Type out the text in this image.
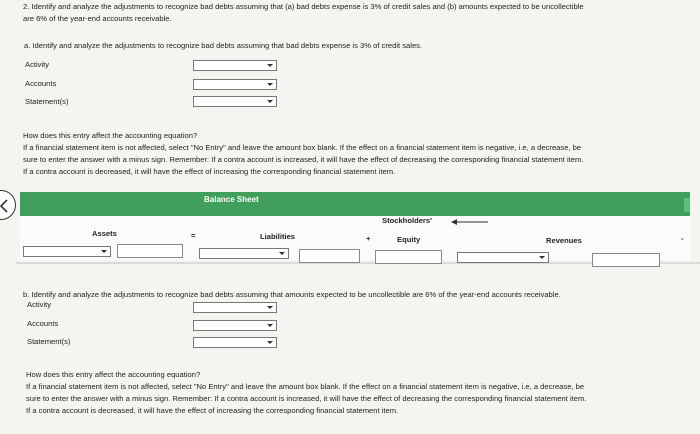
2. Identify and analyze the adjustments to recognize bad debts assuming that (a) bad debts expense is 3% of credit sales and (b) amounts expected to be uncollectible
are 6% of the year-end accounts receivable.
a. Identify and analyze the adjustments to recognize bad debts assuming that bad debts expense is 3% of credit sales.
Activity
Accounts
Statement(s)
How does this entry affect the accounting equation?
If a financial statement item is not affected, select "No Entry" and leave the amount box blank. If the effect on a financial statement item is negative, i.e, a decrease, be
sure to enter the answer with a minus sign. Remember: If a contra account is increased, it will have the effect of decreasing the corresponding financial statement item.
If a contra account is decreased, it will have the effect of increasing the corresponding financial statement item.
Balance Sheet
Assets	=	Liabilities	+
Stockholders'
Equity	Revenues	-
b. Identify and analyze the adjustments to recognize bad debts assuming that amounts expected to be uncollectible are 6% of the year-end accounts receivable.
Activity
Accounts
Statement(s)
How does this entry affect the accounting equation?
If a financial statement item is not affected, select "No Entry" and leave the amount box blank. If the effect on a financial statement item is negative, i.e, a decrease, be
sure to enter the answer with a minus sign. Remember: If a contra account is increased, it will have the effect of decreasing the corresponding financial statement item.
If a contra account is decreased, it will have the effect of increasing the corresponding financial statement item.
